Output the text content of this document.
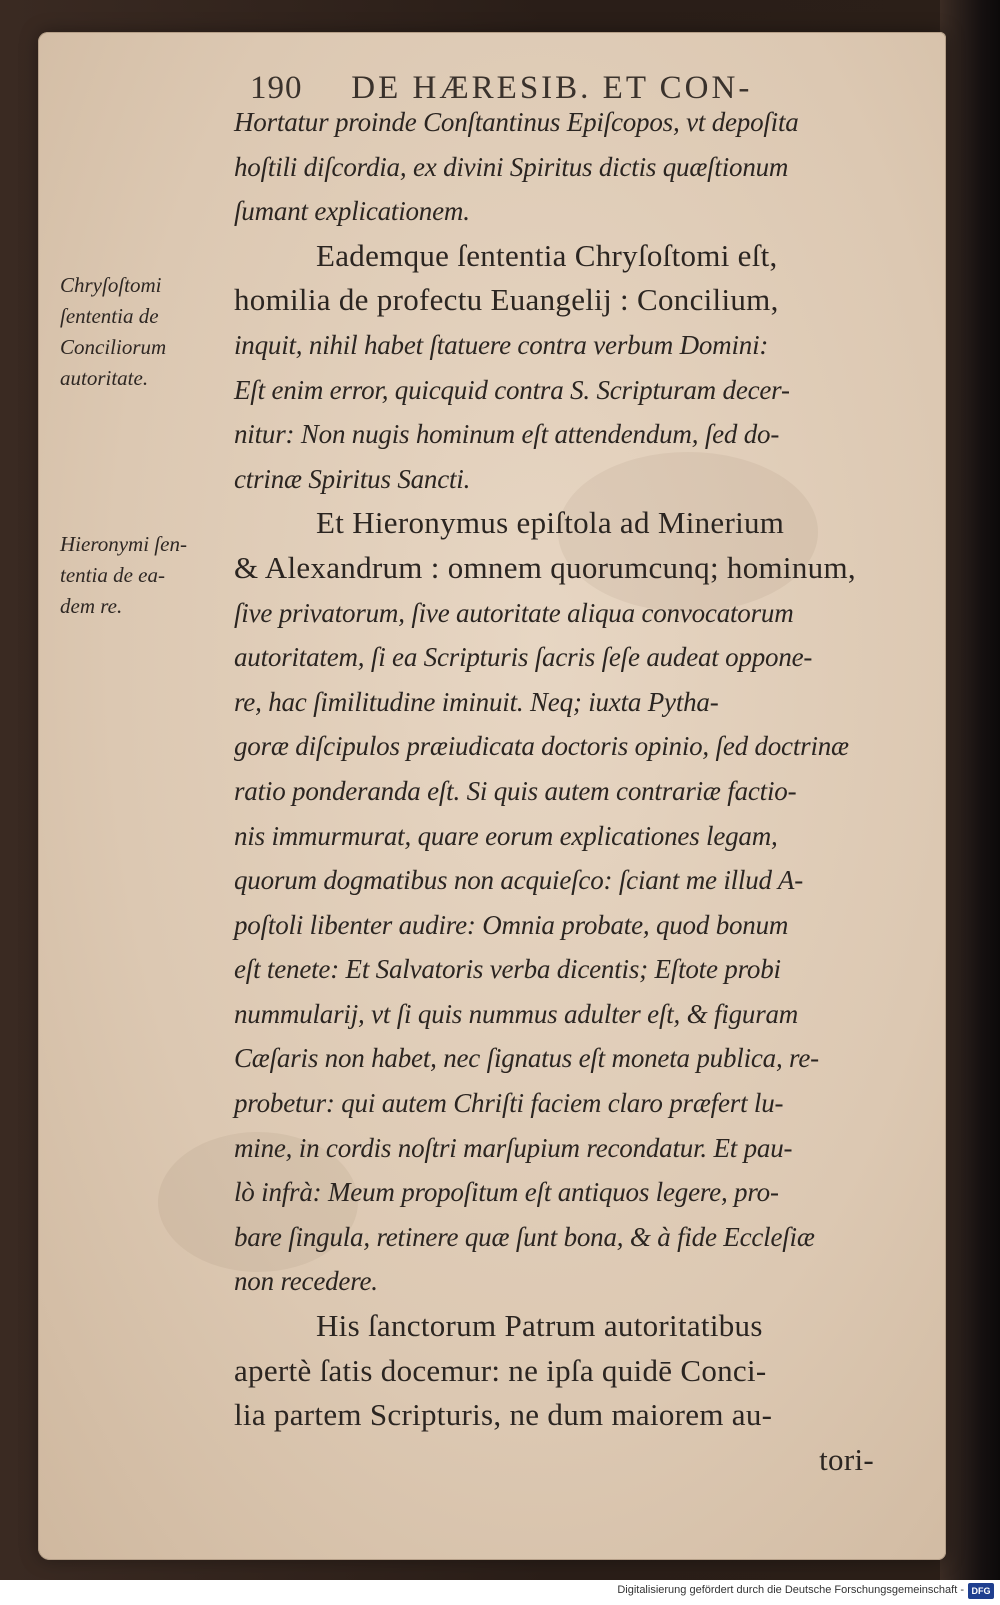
190 DE HÆRESIB. ET CON-

Chryſoſtomi
ſententia de
Conciliorum
autoritate.

Hieronymi ſen-
tentia de ea-
dem re.
Hortatur proinde Conſtantinus Epiſcopos, vt depoſita
hoſtili diſcordia, ex divini Spiritus dictis quæſtionum
ſumant explicationem.
Eademque ſententia Chryſoſtomi eſt,
homilia de profectu Euangelij : Concilium,
inquit, nihil habet ſtatuere contra verbum Domini:
Eſt enim error, quicquid contra S. Scripturam decer-
nitur: Non nugis hominum eſt attendendum, ſed do-
ctrinæ Spiritus Sancti.
Et Hieronymus epiſtola ad Minerium
& Alexandrum : omnem quorumcunq; hominum,
ſive privatorum, ſive autoritate aliqua convocatorum
autoritatem, ſi ea Scripturis ſacris ſeſe audeat oppone-
re, hac ſimilitudine iminuit. Neq; iuxta Pytha-
goræ diſcipulos præiudicata doctoris opinio, ſed doctrinæ
ratio ponderanda eſt. Si quis autem contrariæ factio-
nis immurmurat, quare eorum explicationes legam,
quorum dogmatibus non acquieſco: ſciant me illud A-
poſtoli libenter audire: Omnia probate, quod bonum
eſt tenete: Et Salvatoris verba dicentis; Eſtote probi
nummularij, vt ſi quis nummus adulter eſt, & figuram
Cæſaris non habet, nec ſignatus eſt moneta publica, re-
probetur: qui autem Chriſti faciem claro præfert lu-
mine, in cordis noſtri marſupium recondatur. Et pau-
lò infrà: Meum propoſitum eſt antiquos legere, pro-
bare ſingula, retinere quæ ſunt bona, & à fide Eccleſiæ
non recedere.
His ſanctorum Patrum autoritatibus
apertè ſatis docemur: ne ipſa quidē Conci-
lia partem Scripturis, ne dum maiorem au-
tori-
Digitalisierung gefördert durch die Deutsche Forschungsgemeinschaft - DFG
